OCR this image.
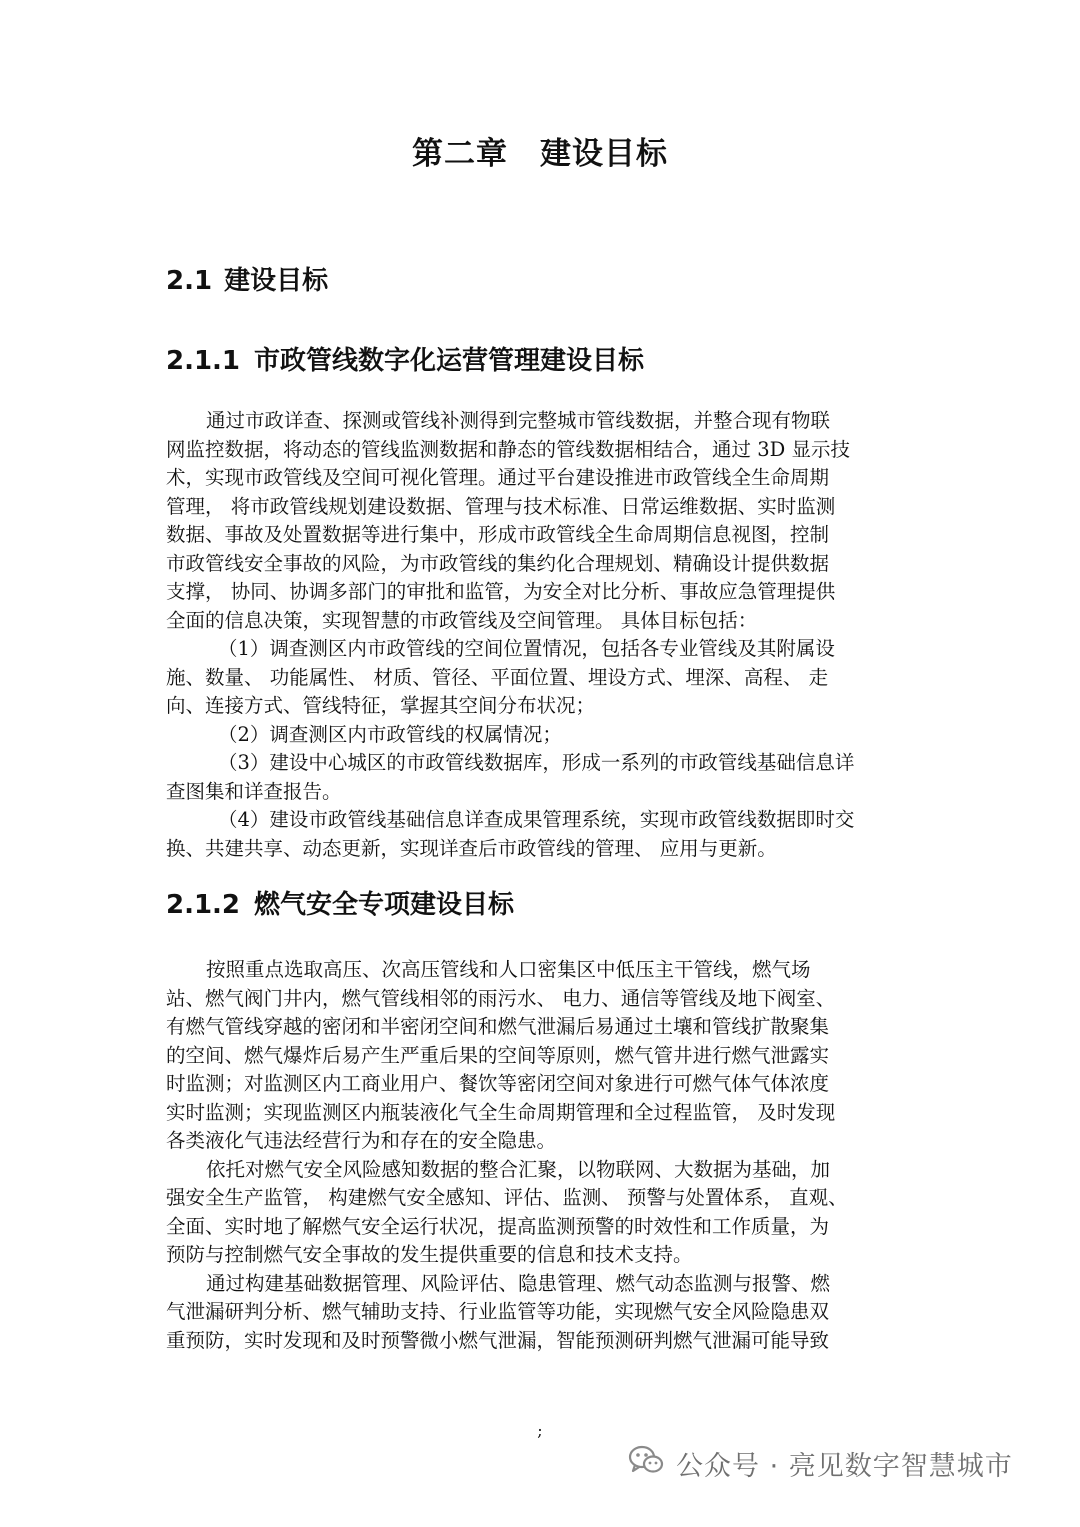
第二章　建设目标
2.1 建设目标
2.1.1 市政管线数字化运营管理建设目标
通过市政详查、探测或管线补测得到完整城市管线数据，并整合现有物联
网监控数据，将动态的管线监测数据和静态的管线数据相结合，通过 3D 显示技
术，实现市政管线及空间可视化管理。通过平台建设推进市政管线全生命周期
管理， 将市政管线规划建设数据、管理与技术标准、日常运维数据、实时监测
数据、事故及处置数据等进行集中，形成市政管线全生命周期信息视图，控制
市政管线安全事故的风险，为市政管线的集约化合理规划、精确设计提供数据
支撑， 协同、协调多部门的审批和监管，为安全对比分析、事故应急管理提供
全面的信息决策，实现智慧的市政管线及空间管理。 具体目标包括：
（1）调查测区内市政管线的空间位置情况，包括各专业管线及其附属设
施、数量、 功能属性、 材质、管径、平面位置、埋设方式、埋深、高程、 走
向、连接方式、管线特征，掌握其空间分布状况；
（2）调查测区内市政管线的权属情况；
（3）建设中心城区的市政管线数据库，形成一系列的市政管线基础信息详
查图集和详查报告。
（4）建设市政管线基础信息详查成果管理系统，实现市政管线数据即时交
换、共建共享、动态更新，实现详查后市政管线的管理、 应用与更新。
2.1.2 燃气安全专项建设目标
按照重点选取高压、次高压管线和人口密集区中低压主干管线，燃气场
站、燃气阀门井内，燃气管线相邻的雨污水、 电力、通信等管线及地下阀室、
有燃气管线穿越的密闭和半密闭空间和燃气泄漏后易通过土壤和管线扩散聚集
的空间、燃气爆炸后易产生严重后果的空间等原则，燃气管井进行燃气泄露实
时监测；对监测区内工商业用户、餐饮等密闭空间对象进行可燃气体气体浓度
实时监测；实现监测区内瓶装液化气全生命周期管理和全过程监管， 及时发现
各类液化气违法经营行为和存在的安全隐患。
依托对燃气安全风险感知数据的整合汇聚，以物联网、大数据为基础，加
强安全生产监管， 构建燃气安全感知、评估、监测、 预警与处置体系， 直观、
全面、实时地了解燃气安全运行状况，提高监测预警的时效性和工作质量，为
预防与控制燃气安全事故的发生提供重要的信息和技术支持。
通过构建基础数据管理、风险评估、隐患管理、燃气动态监测与报警、燃
气泄漏研判分析、燃气辅助支持、行业监管等功能，实现燃气安全风险隐患双
重预防，实时发现和及时预警微小燃气泄漏，智能预测研判燃气泄漏可能导致
;
公众号 · 亮见数字智慧城市
